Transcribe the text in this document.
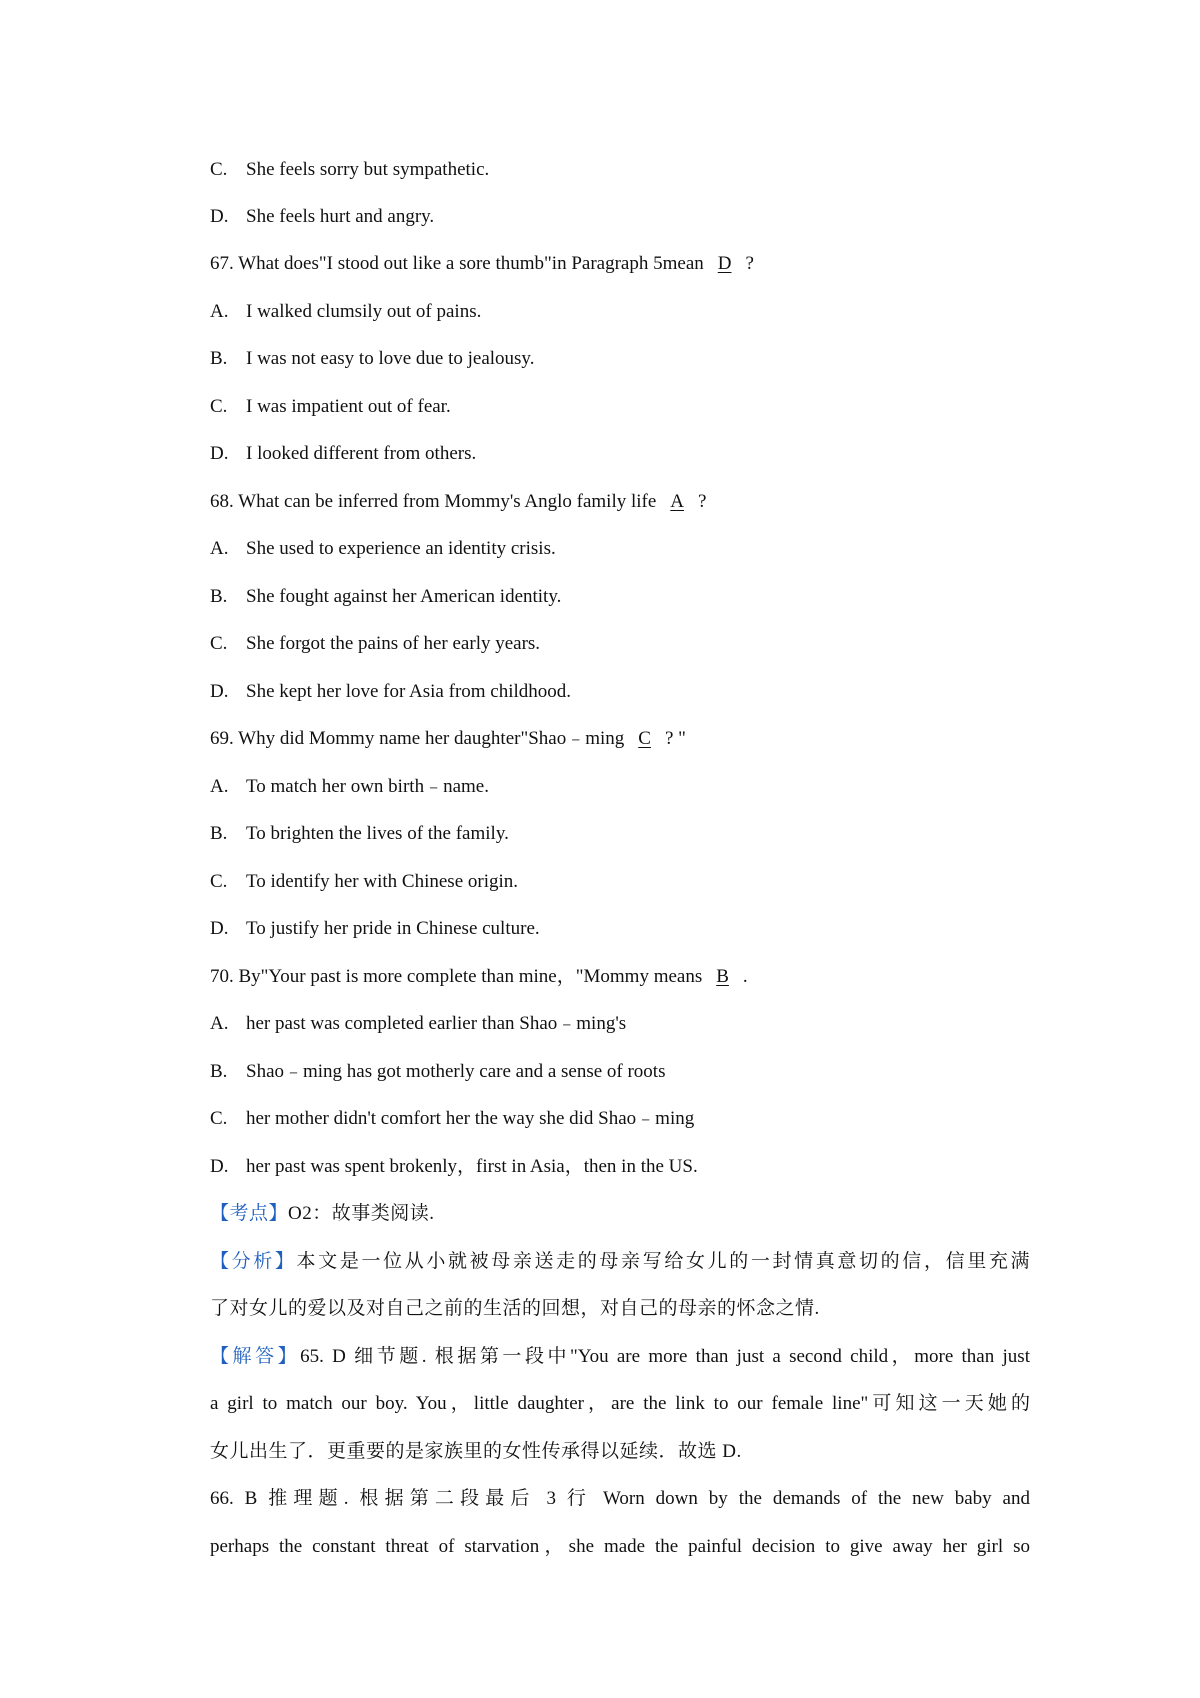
C. She feels sorry but sympathetic.
D. She feels hurt and angry.
67. What does"I stood out like a sore thumb"in Paragraph 5mean D ?
A. I walked clumsily out of pains.
B. I was not easy to love due to jealousy.
C. I was impatient out of fear.
D. I looked different from others.
68. What can be inferred from Mommy's Anglo family life A ?
A. She used to experience an identity crisis.
B. She fought against her American identity.
C. She forgot the pains of her early years.
D. She kept her love for Asia from childhood.
69. Why did Mommy name her daughter"Shao﹣ming C ? "
A. To match her own birth﹣name.
B. To brighten the lives of the family.
C. To identify her with Chinese origin.
D. To justify her pride in Chinese culture.
70. By"Your past is more complete than mine，"Mommy means B .
A. her past was completed earlier than Shao﹣ming's
B. Shao﹣ming has got motherly care and a sense of roots
C. her mother didn't comfort her the way she did Shao﹣ming
D. her past was spent brokenly，first in Asia，then in the US.
【考点】O2：故事类阅读.
【分析】本文是一位从小就被母亲送走的母亲写给女儿的一封情真意切的信，信里充满
了对女儿的爱以及对自己之前的生活的回想，对自己的母亲的怀念之情.
【解答】65. D 细节题. 根据第一段中"You are more than just a second child，more than just
a girl to match our boy. You，little daughter，are the link to our female line"可知这一天她的
女儿出生了．更重要的是家族里的女性传承得以延续．故选 D.
66. B 推理题. 根据第二段最后 3 行 Worn down by the demands of the new baby and
perhaps the constant threat of starvation，she made the painful decision to give away her girl so
